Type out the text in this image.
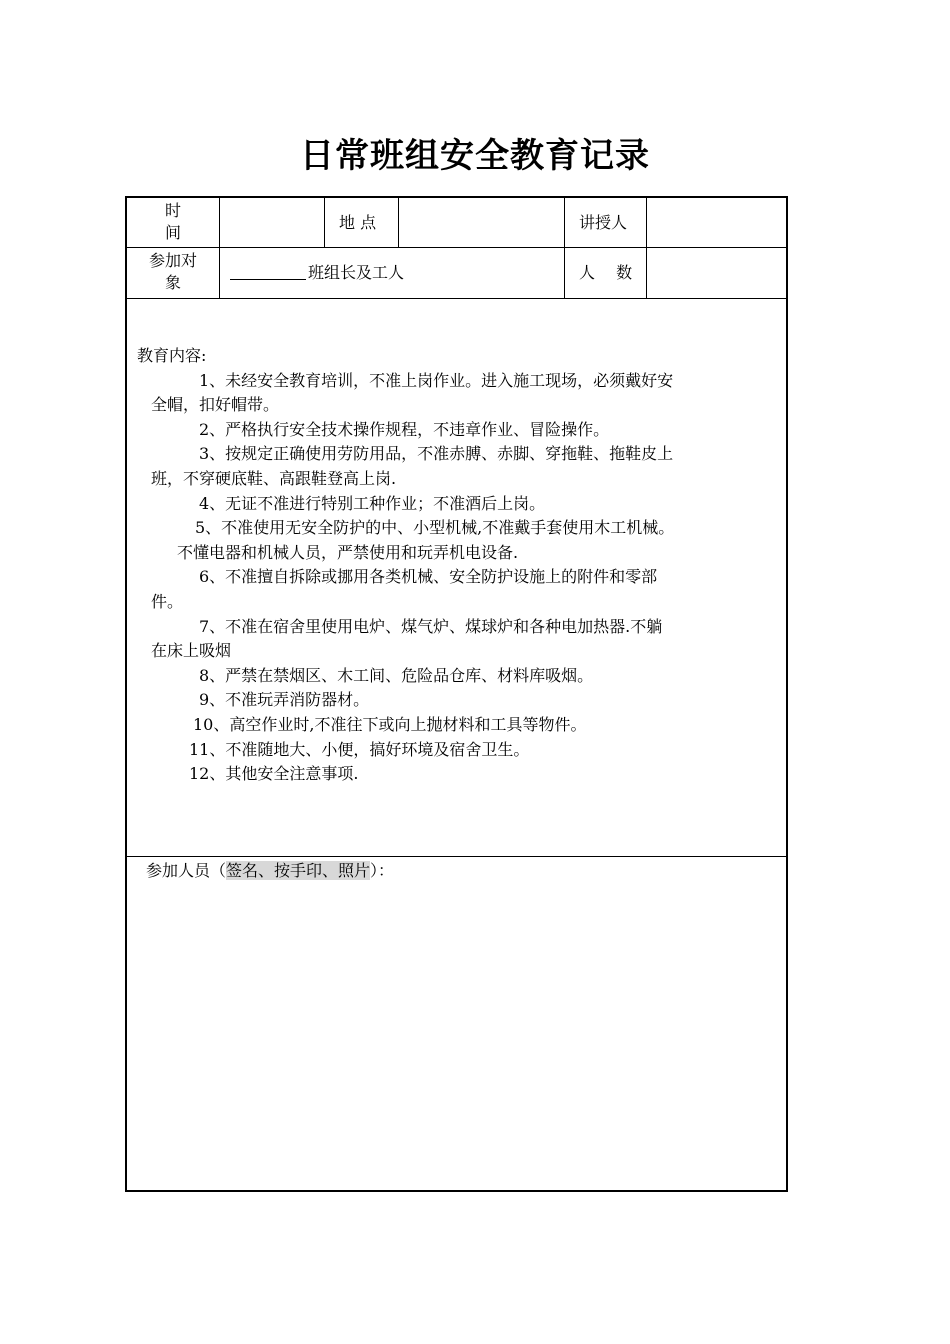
日常班组安全教育记录
时
间
地 点	讲授人
参加对
象
班组长及工人	人　 数
教育内容:
1、未经安全教育培训，不准上岗作业。进入施工现场，必须戴好安
全帽，扣好帽带。
2、严格执行安全技术操作规程，不违章作业、冒险操作。
3、按规定正确使用劳防用品，不准赤膊、赤脚、穿拖鞋、拖鞋皮上
班，不穿硬底鞋、高跟鞋登高上岗.
4、无证不准进行特别工种作业；不准酒后上岗。
5、不准使用无安全防护的中、小型机械,不准戴手套使用木工机械。
不懂电器和机械人员，严禁使用和玩弄机电设备.
6、不准擅自拆除或挪用各类机械、安全防护设施上的附件和零部
件。
7、不准在宿舍里使用电炉、煤气炉、煤球炉和各种电加热器.不躺
在床上吸烟
8、严禁在禁烟区、木工间、危险品仓库、材料库吸烟。
9、不准玩弄消防器材。
10、高空作业时,不准往下或向上抛材料和工具等物件。
11、不准随地大、小便，搞好环境及宿舍卫生。
12、其他安全注意事项.
参加人员（签名、按手印、照片）：
